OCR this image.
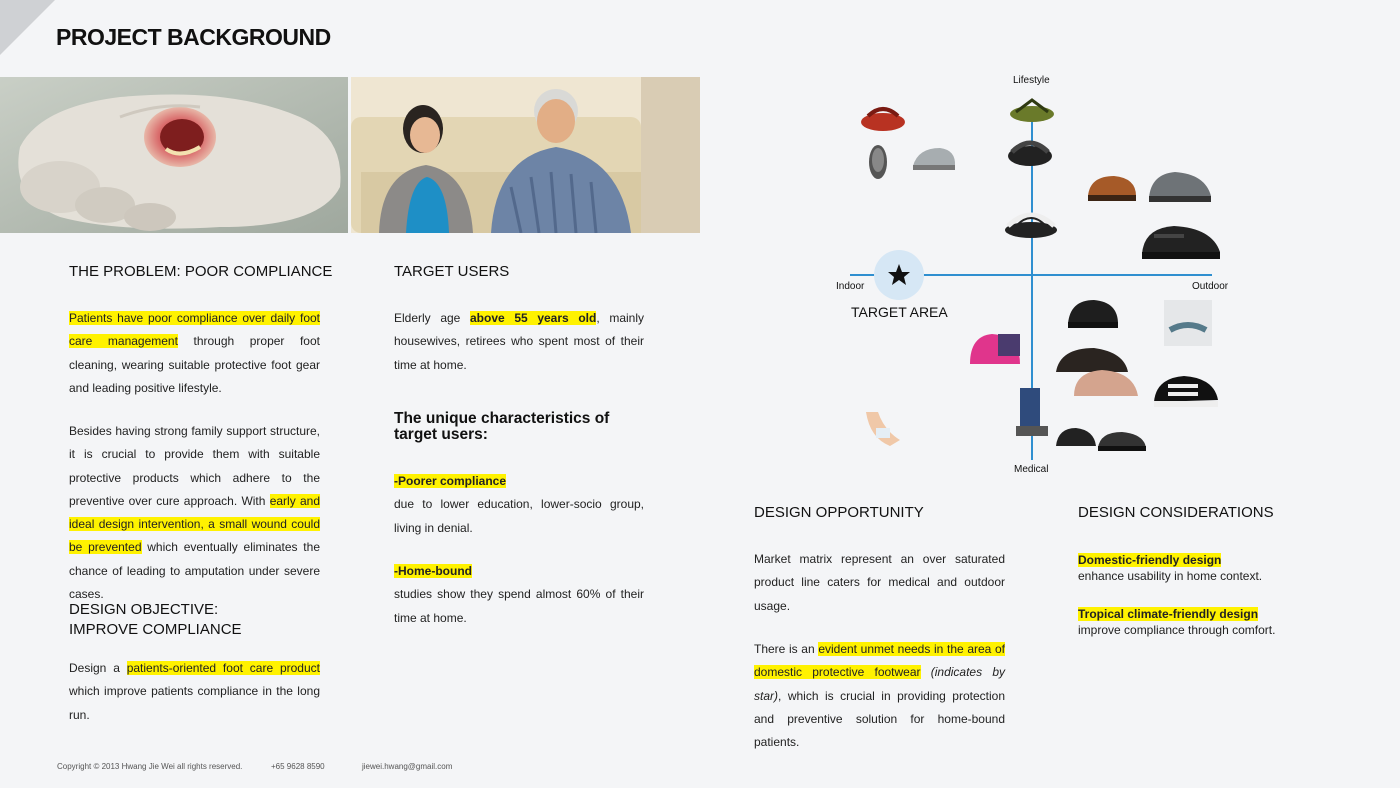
PROJECT BACKGROUND
THE PROBLEM: POOR COMPLIANCE
Patients have poor compliance over daily foot care management through proper foot cleaning, wearing suitable protective foot gear and leading positive lifestyle.
Besides having strong family support structure, it is crucial to provide them with suitable protective products which adhere to the preventive over cure approach. With early and ideal design intervention, a small wound could be prevented which eventually eliminates the chance of leading to amputation under severe cases.
DESIGN OBJECTIVE:
IMPROVE COMPLIANCE
Design a patients-oriented foot care product which improve patients compliance in the long run.
TARGET USERS
Elderly age above 55 years old, mainly housewives, retirees who spent most of their time at home.
The unique characteristics of target users:
-Poorer compliance
due to lower education, lower-socio group, living in denial.
-Home-bound
studies show they spend almost 60% of their time at home.
Lifestyle
Medical
Indoor	Outdoor
TARGET AREA
DESIGN OPPORTUNITY
Market matrix represent an over saturated product line caters for medical and outdoor usage.
There is an evident unmet needs in the area of domestic protective footwear (indicates by star), which is crucial in providing protection and preventive solution for home-bound patients.
DESIGN CONSIDERATIONS
Domestic-friendly design
enhance usability in home context.
Tropical climate-friendly design
improve compliance through comfort.
Copyright © 2013 Hwang Jie Wei all rights reserved.	+65 9628 8590	jiewei.hwang@gmail.com
